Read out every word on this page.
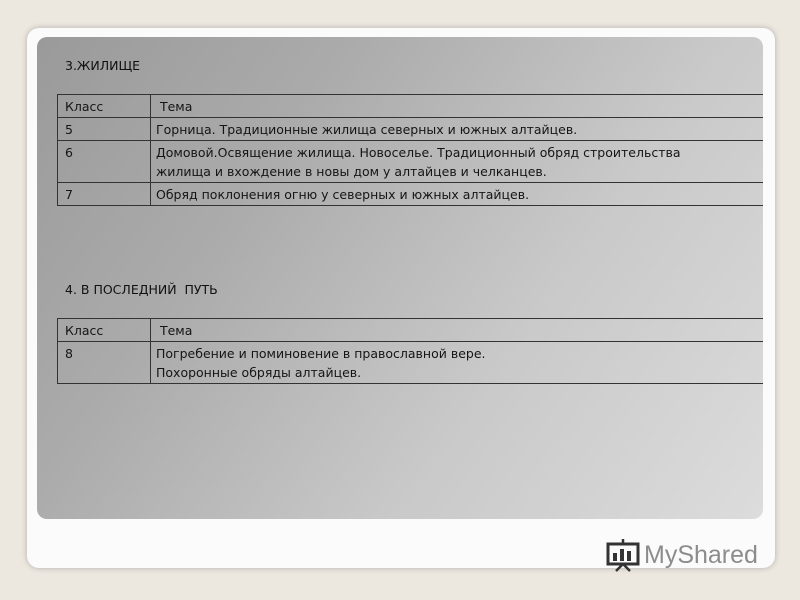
3.ЖИЛИЩЕ
Класс	Тема
5	Горница. Традиционные жилища северных и южных алтайцев.

6	Домовой.Освящение жилища. Новоселье. Традиционный обряд строительства
жилища и вхождение в новы дом у алтайцев и челканцев.

7	Обряд поклонения огню у северных и южных алтайцев.
4. В ПОСЛЕДНИЙ  ПУТЬ
Класс	Тема
8	Погребение и поминовение в православной вере.
Похоронные обряды алтайцев.
MyShared
